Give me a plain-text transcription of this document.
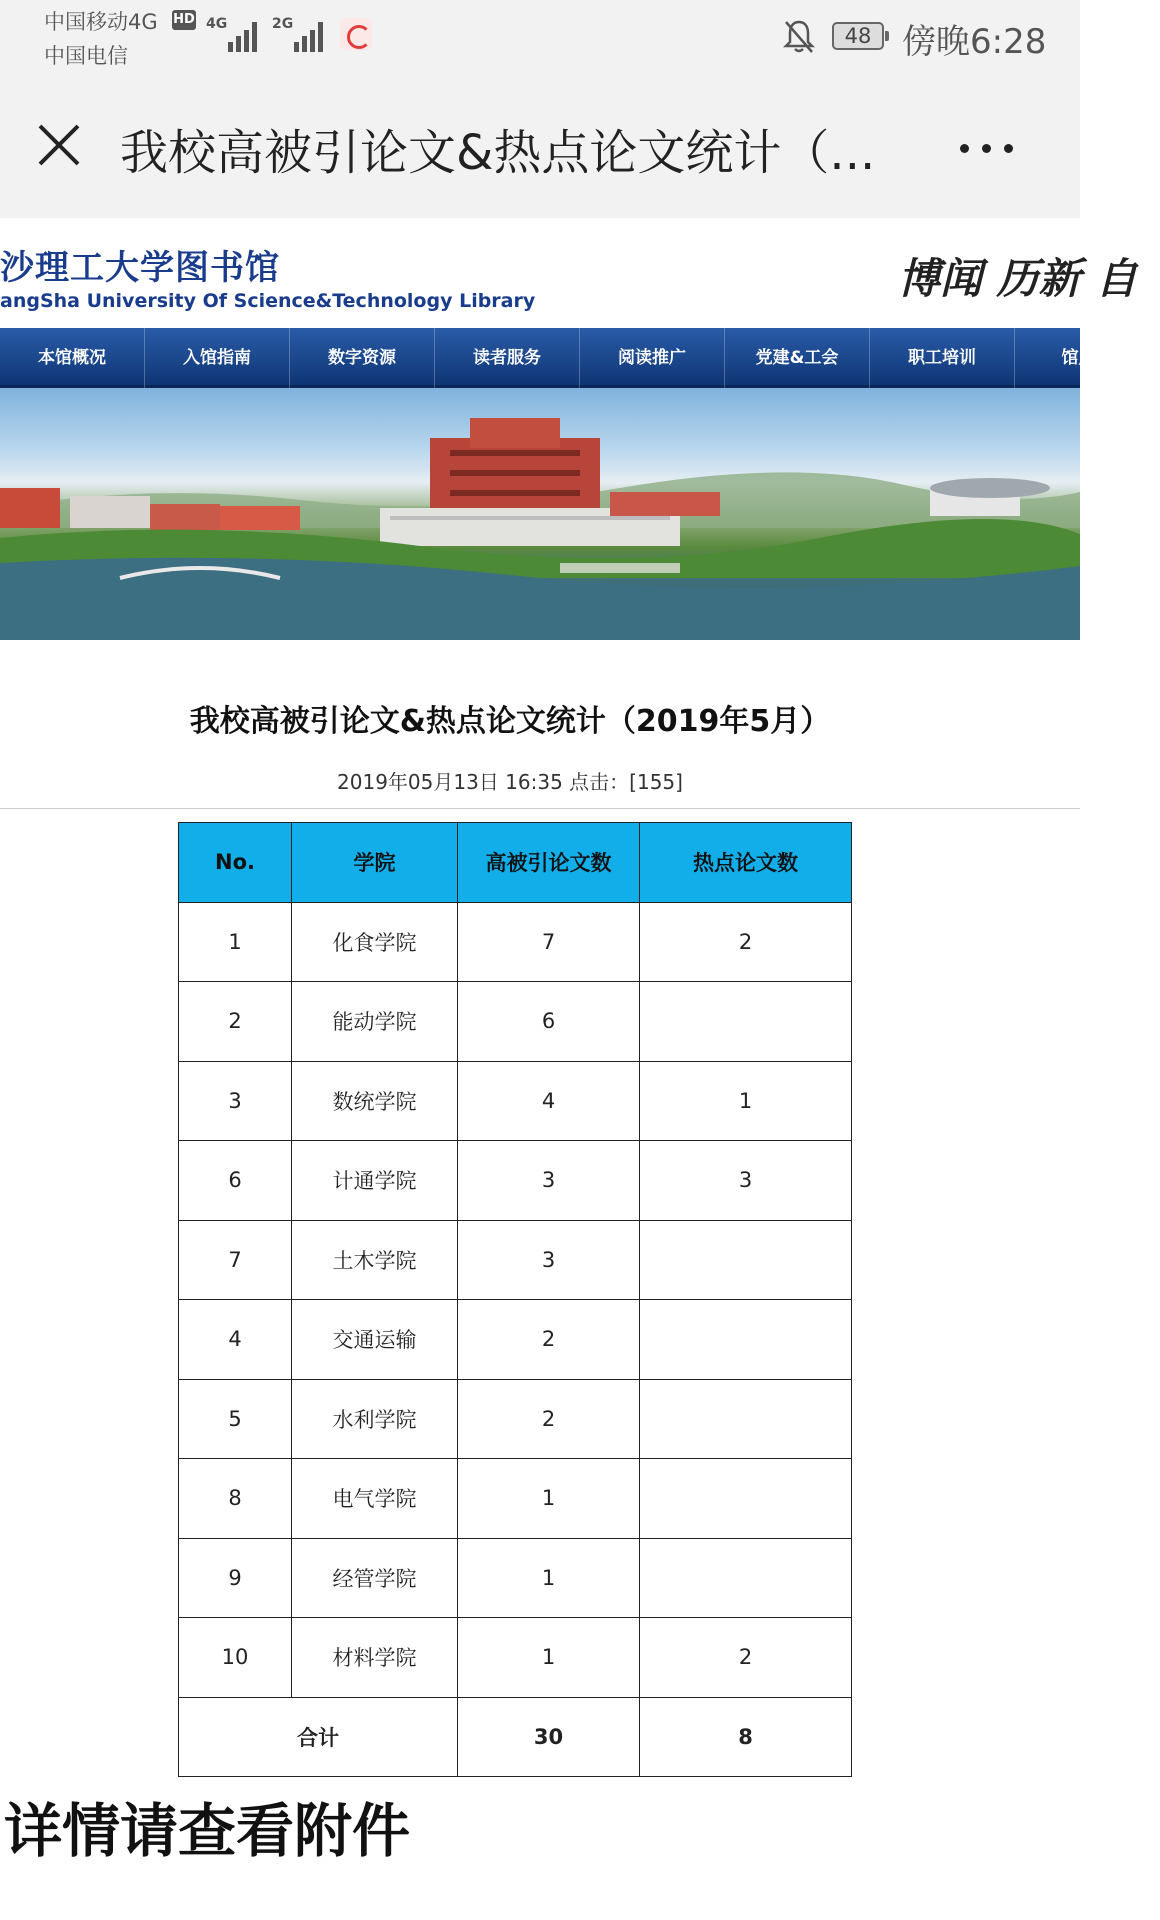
中国移动4G HD
中国电信
4G	2G	48 傍晚6:28
我校高被引论文&热点论文统计（...
沙理工大学图书馆
angSha University Of Science&Technology Library	博闻 历新 自
本馆概况	入馆指南	数字资源	读者服务	阅读推广	党建&工会	职工培训	馆风监
我校高被引论文&热点论文统计（2019年5月）
2019年05月13日 16:35 点击：[155]
No.	学院	高被引论文数	热点论文数
1	化食学院	7	2
2	能动学院	6	
3	数统学院	4	1
6	计通学院	3	3
7	土木学院	3	
4	交通运输	2	
5	水利学院	2	
8	电气学院	1	
9	经管学院	1	
10	材料学院	1	2
合计		30	8
详情请查看附件
